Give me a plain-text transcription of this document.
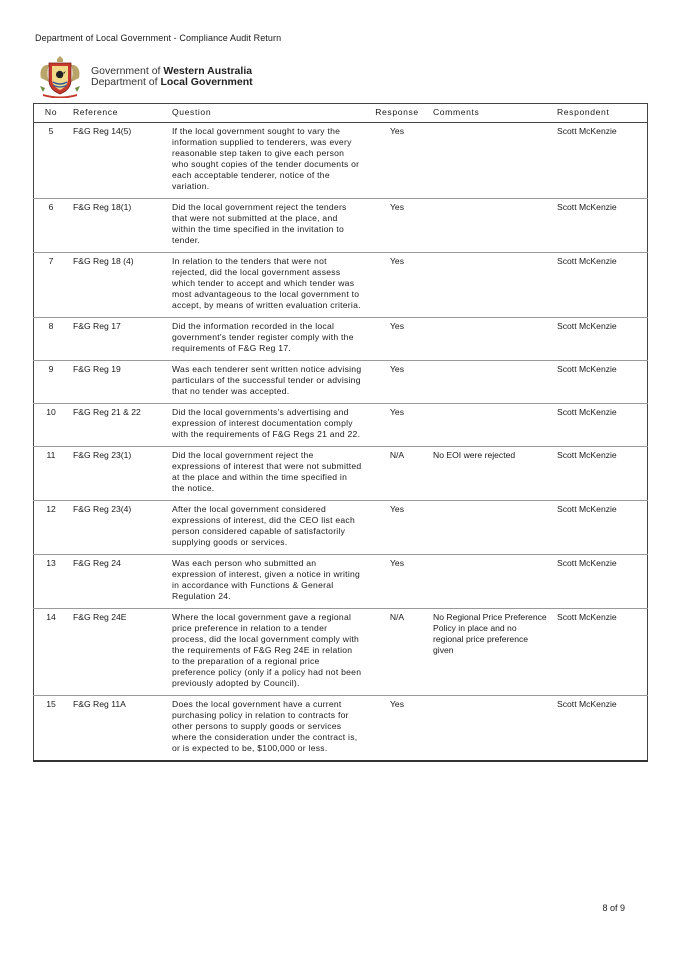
Department of Local Government - Compliance Audit Return
Government of Western Australia
Department of Local Government
No	Reference	Question	Response	Comments	Respondent
5	F&G Reg 14(5)	If the local government sought to vary the information supplied to tenderers, was every reasonable step taken to give each person who sought copies of the tender documents or each acceptable tenderer, notice of the variation.	Yes		Scott McKenzie
6	F&G Reg 18(1)	Did the local government reject the tenders that were not submitted at the place, and within the time specified in the invitation to tender.	Yes		Scott McKenzie
7	F&G Reg 18 (4)	In relation to the tenders that were not rejected, did the local government assess which tender to accept and which tender was most advantageous to the local government to accept, by means of written evaluation criteria.	Yes		Scott McKenzie
8	F&G Reg 17	Did the information recorded in the local government's tender register comply with the requirements of F&G Reg 17.	Yes		Scott McKenzie
9	F&G Reg 19	Was each tenderer sent written notice advising particulars of the successful tender or advising that no tender was accepted.	Yes		Scott McKenzie
10	F&G Reg 21 & 22	Did the local governments's advertising and expression of interest documentation comply with the requirements of F&G Regs 21 and 22.	Yes		Scott McKenzie
11	F&G Reg 23(1)	Did the local government reject the expressions of interest that were not submitted at the place and within the time specified in the notice.	N/A	No EOI were rejected	Scott McKenzie
12	F&G Reg 23(4)	After the local government considered expressions of interest, did the CEO list each person considered capable of satisfactorily supplying goods or services.	Yes		Scott McKenzie
13	F&G Reg 24	Was each person who submitted an expression of interest, given a notice in writing in accordance with Functions & General Regulation 24.	Yes		Scott McKenzie
14	F&G Reg 24E	Where the local government gave a regional price preference in relation to a tender process, did the local government comply with the requirements of F&G Reg 24E in relation to the preparation of a regional price preference policy (only if a policy had not been previously adopted by Council).	N/A	No Regional Price Preference Policy in place and no regional price preference given	Scott McKenzie
15	F&G Reg 11A	Does the local government have a current purchasing policy in relation to contracts for other persons to supply goods or services where the consideration under the contract is, or is expected to be, $100,000 or less.	Yes		Scott McKenzie
8 of 9
